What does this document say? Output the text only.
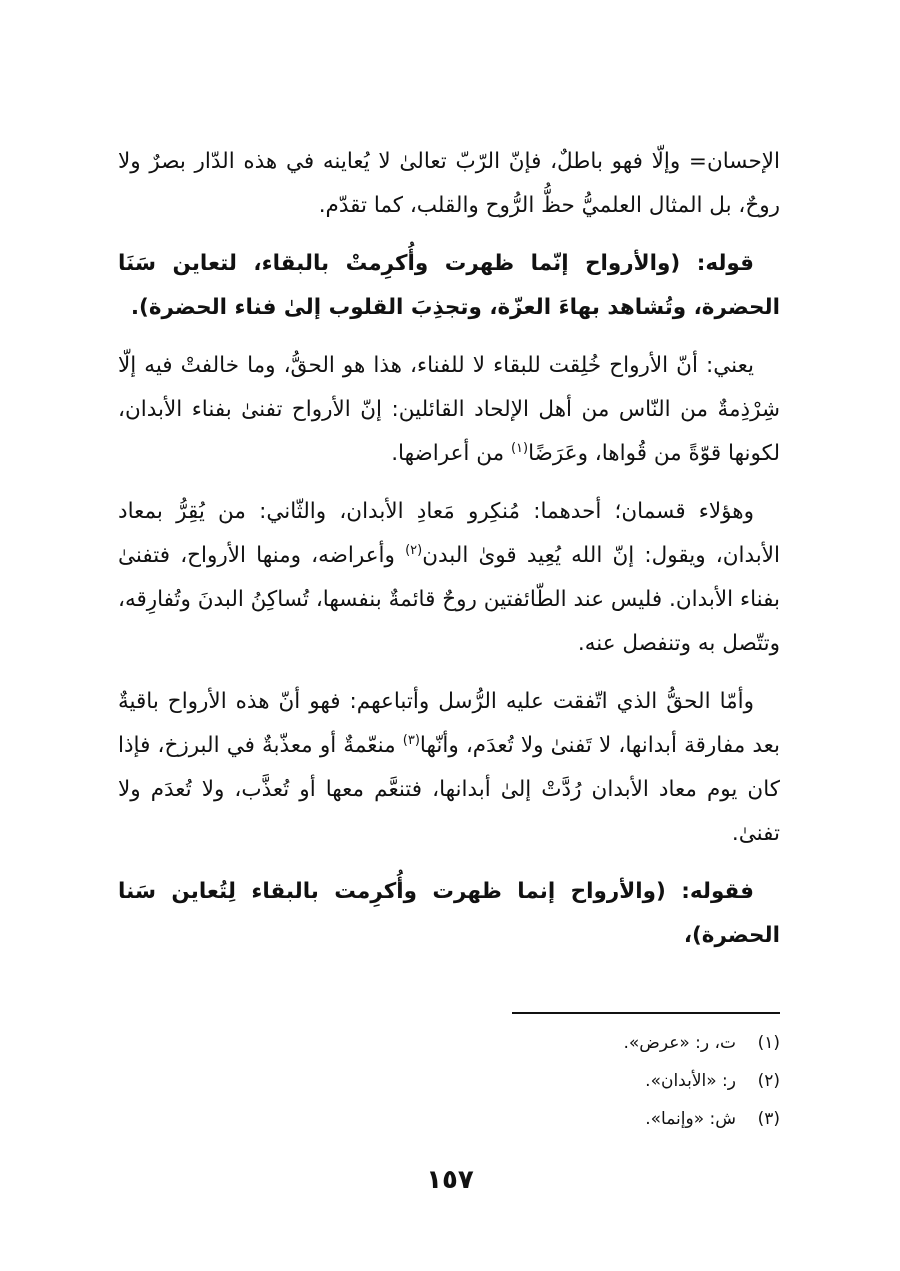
الإحسان= وإلّا فهو باطلٌ، فإنّ الرّبّ تعالىٰ لا يُعاينه في هذه الدّار بصرٌ ولا روحٌ، بل المثال العلميُّ حظُّ الرُّوح والقلب، كما تقدّم.

قوله: (والأرواح إنّما ظهرت وأُكرِمتْ بالبقاء، لتعاين سَنَا الحضرة، وتُشاهد بهاءَ العزّة، وتجذِبَ القلوب إلىٰ فناء الحضرة).

يعني: أنّ الأرواح خُلِقت للبقاء لا للفناء، هذا هو الحقُّ، وما خالفتْ فيه إلّا شِرْذِمةٌ من النّاس من أهل الإلحاد القائلين: إنّ الأرواح تفنىٰ بفناء الأبدان، لكونها قوّةً من قُواها، وعَرَضًا$^{(١)}$ من أعراضها.

وهؤلاء قسمان؛ أحدهما: مُنكِرو مَعادِ الأبدان، والثّاني: من يُقِرُّ بمعاد الأبدان، ويقول: إنّ الله يُعِيد قوىٰ البدن$^{(٢)}$ وأعراضه، ومنها الأرواح، فتفنىٰ بفناء الأبدان. فليس عند الطّائفتين روحٌ قائمةٌ بنفسها، تُساكِنُ البدنَ وتُفارِقه، وتتّصل به وتنفصل عنه.

وأمّا الحقُّ الذي اتّفقت عليه الرُّسل وأتباعهم: فهو أنّ هذه الأرواح باقيةٌ بعد مفارقة أبدانها، لا تَفنىٰ ولا تُعدَم، وأنّها$^{(٣)}$ منعّمةٌ أو معذّبةٌ في البرزخ، فإذا كان يوم معاد الأبدان رُدَّتْ إلىٰ أبدانها، فتنعَّم معها أو تُعذَّب، ولا تُعدَم ولا تفنىٰ.

فقوله: (والأرواح إنما ظهرت وأُكرِمت بالبقاء لِتُعاين سَنا الحضرة)،

(١)
ت، ر: «عرض».
(٢)
ر: «الأبدان».
(٣)
ش: «وإنما».
١٥٧
